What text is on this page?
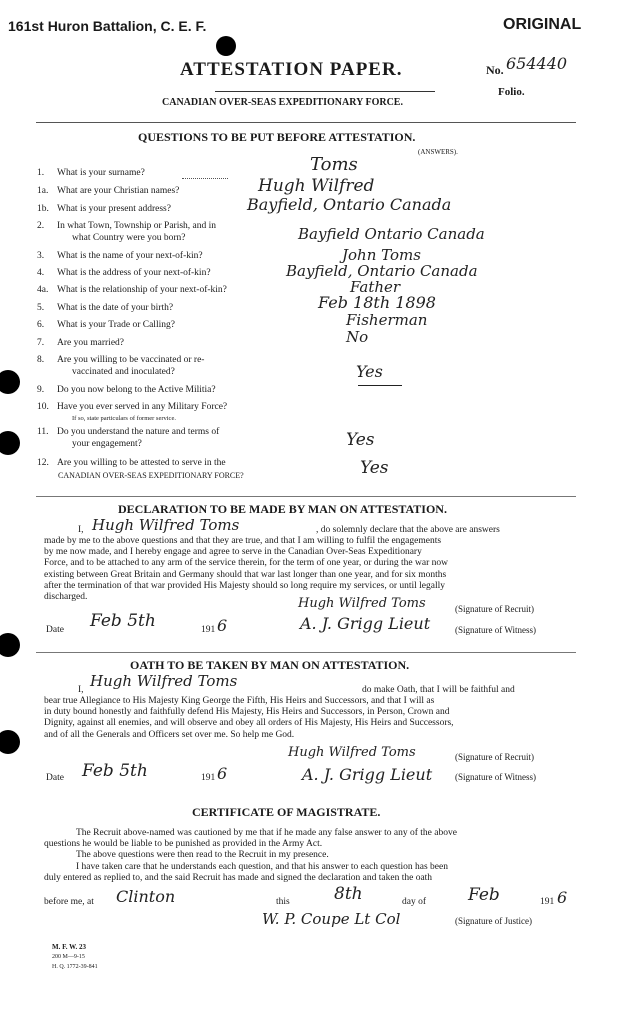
161st Huron Battalion, C. E. F.	ORIGINAL
ATTESTATION PAPER.	No. 654440
Folio.
CANADIAN OVER-SEAS EXPEDITIONARY FORCE.
QUESTIONS TO BE PUT BEFORE ATTESTATION.
(ANSWERS).
1. What is your surname?	Toms
1a. What are your Christian names?	Hugh Wilfred
1b. What is your present address?	Bayfield, Ontario Canada
2. In what Town, Township or Parish, and in
what Country were you born?	Bayfield Ontario Canada
3. What is the name of your next-of-kin?	John Toms
4. What is the address of your next-of-kin?	Bayfield, Ontario Canada
4a. What is the relationship of your next-of-kin?	Father
5. What is the date of your birth?	Feb 18th 1898
6. What is your Trade or Calling?	Fisherman
7. Are you married?	No
8. Are you willing to be vaccinated or re-
vaccinated and inoculated?	Yes
9. Do you now belong to the Active Militia?
10. Have you ever served in any Military Force?
If so, state particulars of former service.
11. Do you understand the nature and terms of
your engagement?	Yes
12. Are you willing to be attested to serve in the
CANADIAN OVER-SEAS EXPEDITIONARY FORCE?	Yes
DECLARATION TO BE MADE BY MAN ON ATTESTATION.
I, Hugh Wilfred Toms	, do solemnly declare that the above are answers
made by me to the above questions and that they are true, and that I am willing to fulfil the engagements
by me now made, and I hereby engage and agree to serve in the Canadian Over-Seas Expeditionary
Force, and to be attached to any arm of the service therein, for the term of one year, or during the war now
existing between Great Britain and Germany should that war last longer than one year, and for six months
after the termination of that war provided His Majesty should so long require my services, or until legally
discharged.	Hugh Wilfred Toms	(Signature of Recruit)
Date Feb 5th	191 6	A. J. Grigg Lieut	(Signature of Witness)
OATH TO BE TAKEN BY MAN ON ATTESTATION.
I, Hugh Wilfred Toms	do make Oath, that I will be faithful and
bear true Allegiance to His Majesty King George the Fifth, His Heirs and Successors, and that I will as
in duty bound honestly and faithfully defend His Majesty, His Heirs and Successors, in Person, Crown and
Dignity, against all enemies, and will observe and obey all orders of His Majesty, His Heirs and Successors,
and of all the Generals and Officers set over me. So help me God.
Hugh Wilfred Toms	(Signature of Recruit)
Date Feb 5th	191 6	A. J. Grigg Lieut	(Signature of Witness)
CERTIFICATE OF MAGISTRATE.
The Recruit above-named was cautioned by me that if he made any false answer to any of the above
questions he would be liable to be punished as provided in the Army Act.
The above questions were then read to the Recruit in my presence.
I have taken care that he understands each question, and that his answer to each question has been
duly entered as replied to, and the said Recruit has made and signed the declaration and taken the oath
before me, at Clinton	this	8th	day of Feb	191 6
W. P. Coupe Lt Col	(Signature of Justice)
M. F. W. 23
200 M—9-15
H. Q. 1772-39-841
